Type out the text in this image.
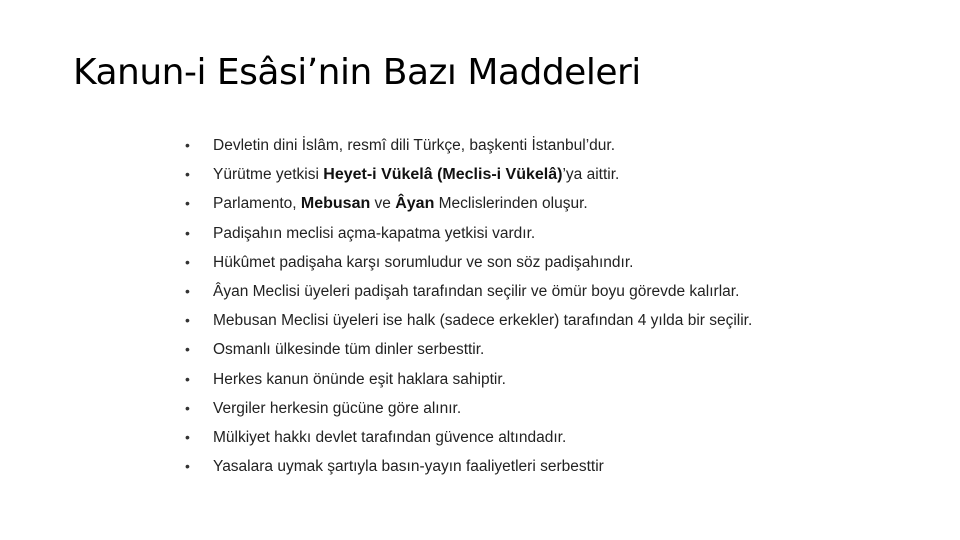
Kanun-i Esâsi’nin Bazı Maddeleri
• Devletin dini İslâm, resmî dili Türkçe, başkenti İstanbul’dur.
• Yürütme yetkisi Heyet-i Vükelâ (Meclis-i Vükelâ)’ya aittir.
• Parlamento, Mebusan ve Âyan Meclislerinden oluşur.
• Padişahın meclisi açma-kapatma yetkisi vardır.
• Hükûmet padişaha karşı sorumludur ve son söz padişahındır.
• Âyan Meclisi üyeleri padişah tarafından seçilir ve ömür boyu görevde kalırlar.
• Mebusan Meclisi üyeleri ise halk (sadece erkekler) tarafından 4 yılda bir seçilir.
• Osmanlı ülkesinde tüm dinler serbesttir.
• Herkes kanun önünde eşit haklara sahiptir.
• Vergiler herkesin gücüne göre alınır.
• Mülkiyet hakkı devlet tarafından güvence altındadır.
• Yasalara uymak şartıyla basın-yayın faaliyetleri serbesttir
